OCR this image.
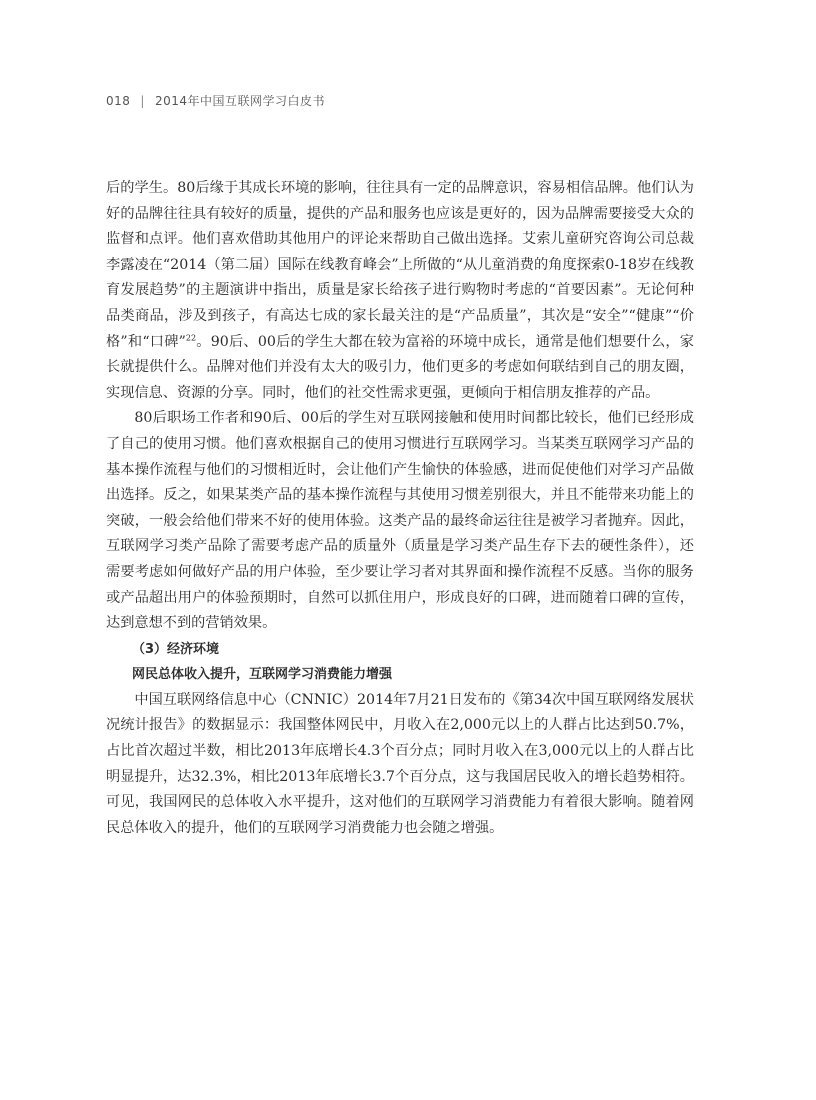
018 | 2014年中国互联网学习白皮书

后的学生。80后缘于其成长环境的影响，往往具有一定的品牌意识，容易相信品牌。他们认为好的品牌往往具有较好的质量，提供的产品和服务也应该是更好的，因为品牌需要接受大众的监督和点评。他们喜欢借助其他用户的评论来帮助自己做出选择。艾索儿童研究咨询公司总裁李露凌在“2014（第二届）国际在线教育峰会”上所做的“从儿童消费的角度探索0-18岁在线教育发展趋势”的主题演讲中指出，质量是家长给孩子进行购物时考虑的“首要因素”。无论何种品类商品，涉及到孩子，有高达七成的家长最关注的是“产品质量”，其次是“安全”“健康”“价格”和“口碑”$^{22}$。90后、00后的学生大都在较为富裕的环境中成长，通常是他们想要什么，家长就提供什么。品牌对他们并没有太大的吸引力，他们更多的考虑如何联结到自己的朋友圈，实现信息、资源的分享。同时，他们的社交性需求更强，更倾向于相信朋友推荐的产品。

80后职场工作者和90后、00后的学生对互联网接触和使用时间都比较长，他们已经形成了自己的使用习惯。他们喜欢根据自己的使用习惯进行互联网学习。当某类互联网学习产品的基本操作流程与他们的习惯相近时，会让他们产生愉快的体验感，进而促使他们对学习产品做出选择。反之，如果某类产品的基本操作流程与其使用习惯差别很大，并且不能带来功能上的突破，一般会给他们带来不好的使用体验。这类产品的最终命运往往是被学习者抛弃。因此，互联网学习类产品除了需要考虑产品的质量外（质量是学习类产品生存下去的硬性条件），还需要考虑如何做好产品的用户体验，至少要让学习者对其界面和操作流程不反感。当你的服务或产品超出用户的体验预期时，自然可以抓住用户，形成良好的口碑，进而随着口碑的宣传，达到意想不到的营销效果。

（3）经济环境

网民总体收入提升，互联网学习消费能力增强

中国互联网络信息中心（CNNIC）2014年7月21日发布的《第34次中国互联网络发展状况统计报告》的数据显示：我国整体网民中，月收入在2,000元以上的人群占比达到50.7%，占比首次超过半数，相比2013年底增长4.3个百分点；同时月收入在3,000元以上的人群占比明显提升，达32.3%，相比2013年底增长3.7个百分点，这与我国居民收入的增长趋势相符。 可见，我国网民的总体收入水平提升，这对他们的互联网学习消费能力有着很大影响。随着网民总体收入的提升，他们的互联网学习消费能力也会随之增强。
